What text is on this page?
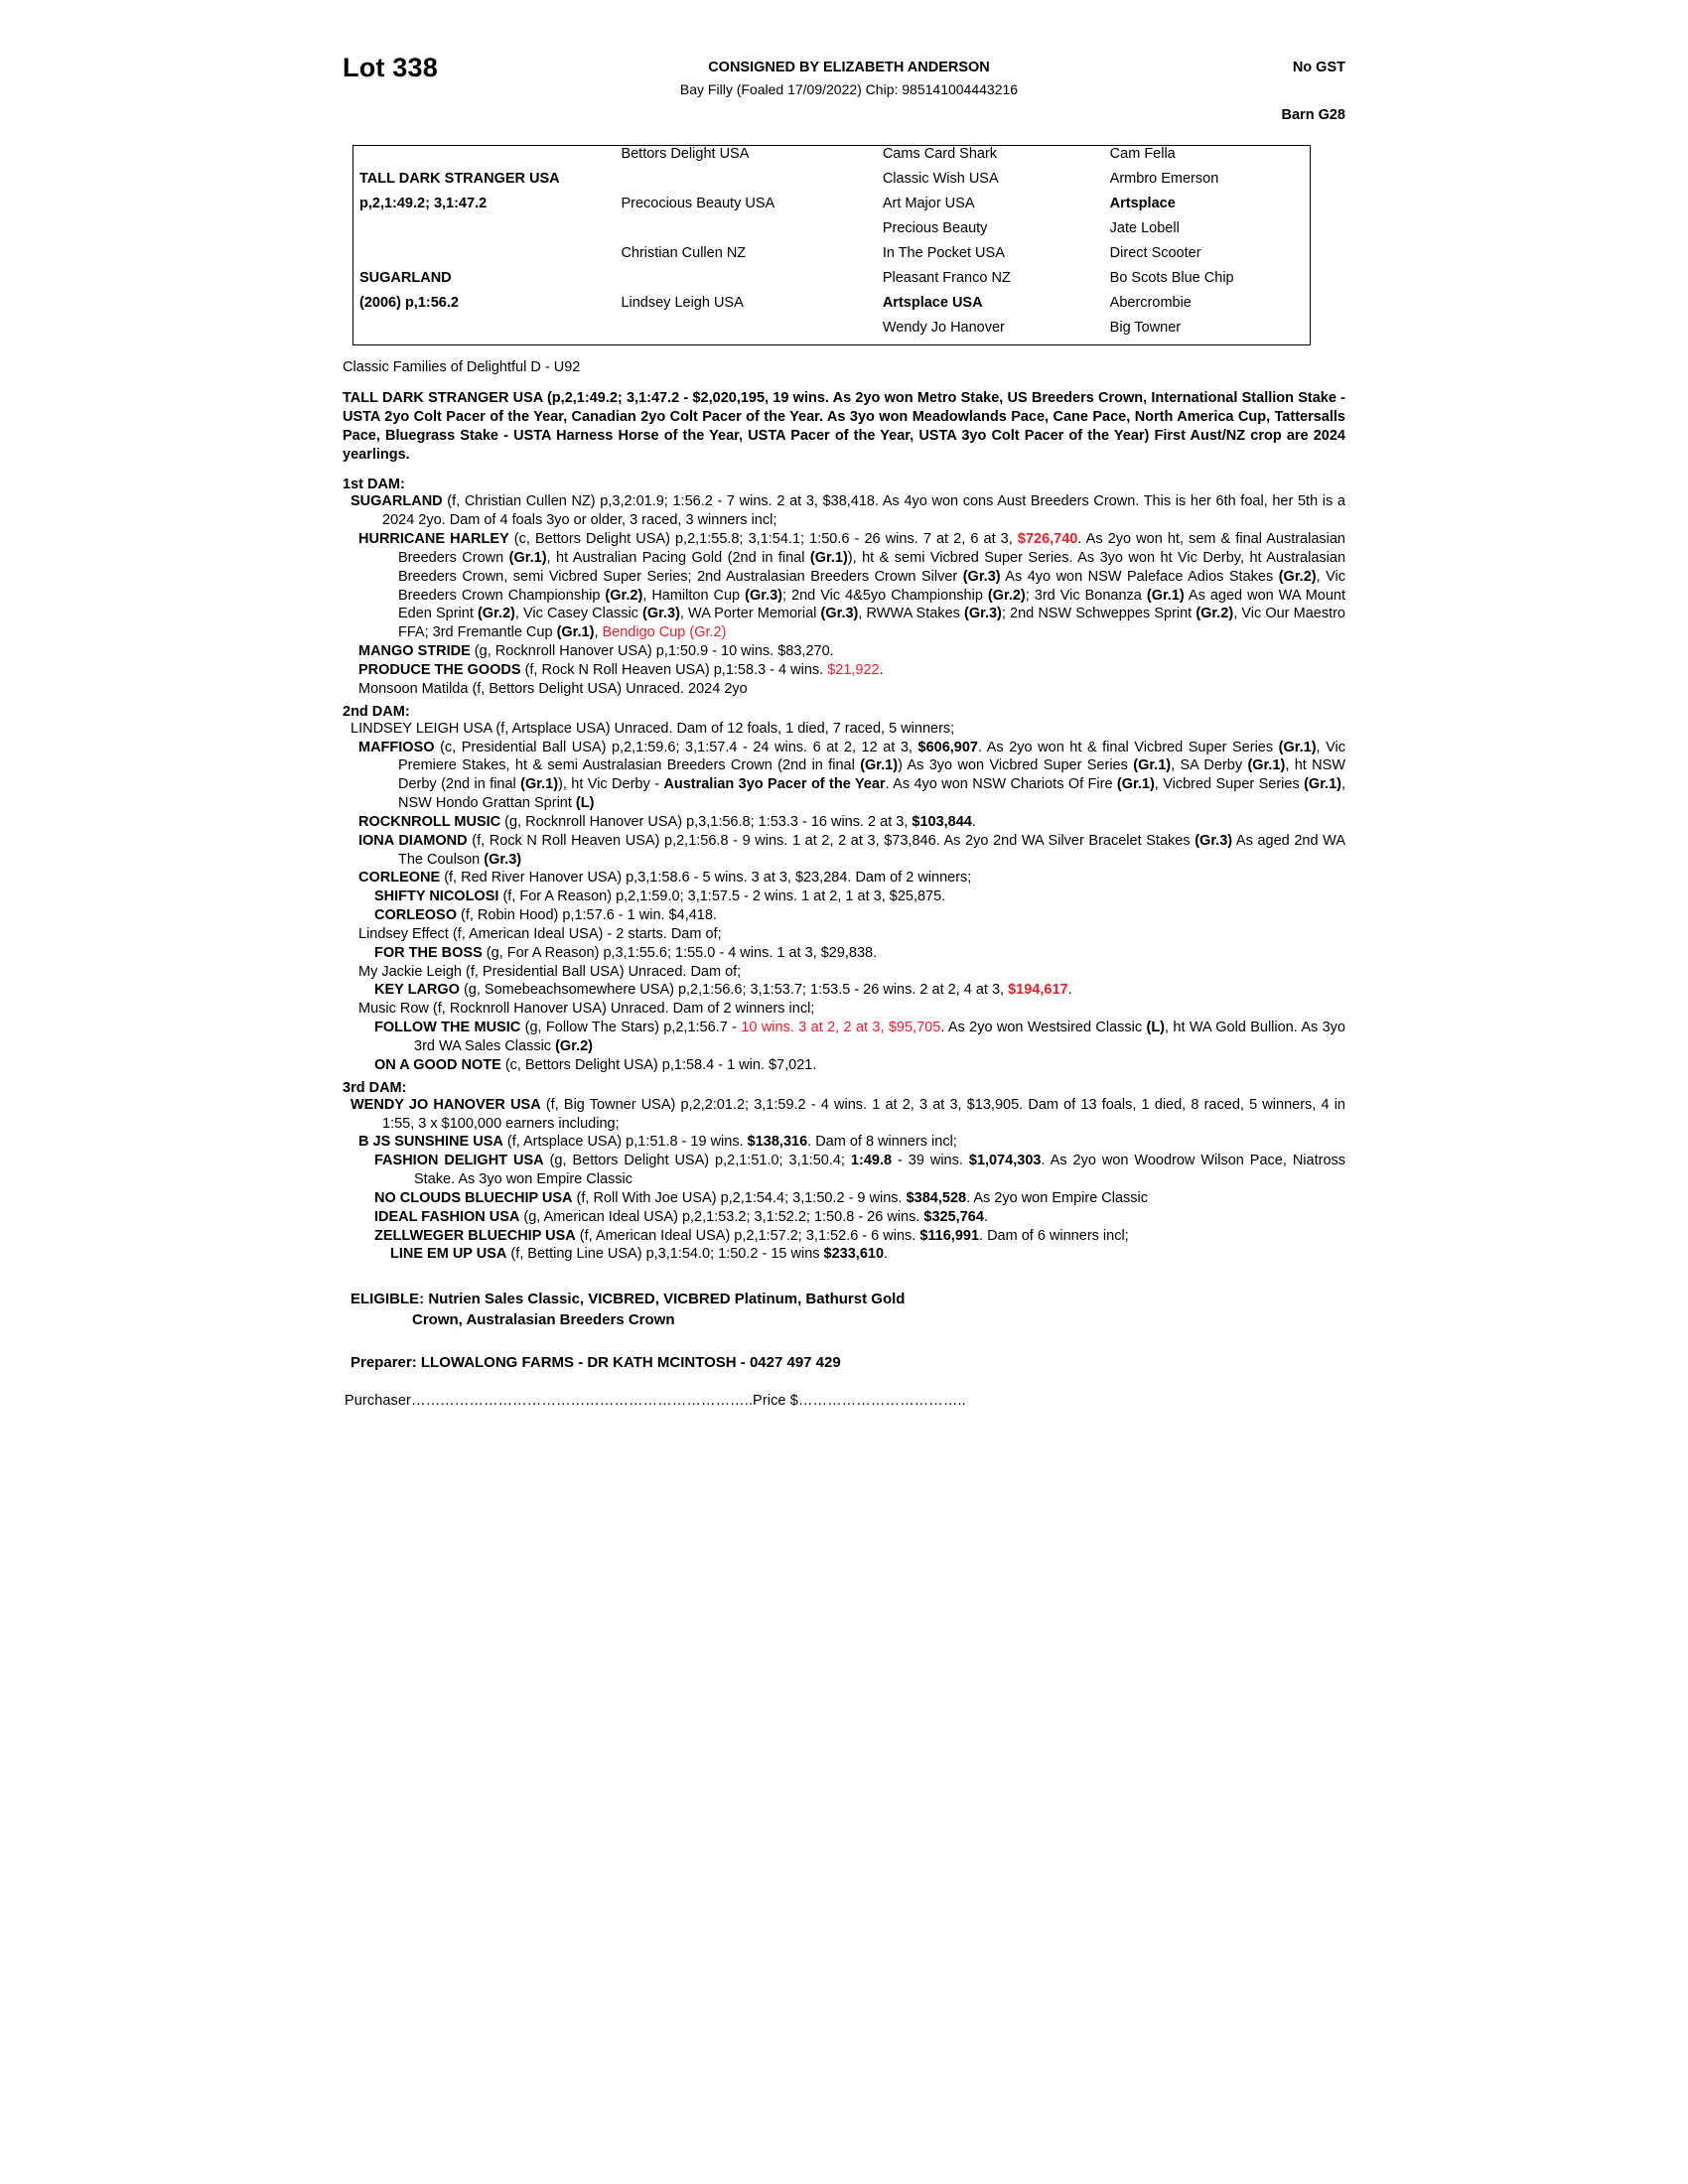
Lot 338	CONSIGNED BY ELIZABETH ANDERSON
Bay Filly (Foaled 17/09/2022) Chip: 985141004443216
No GST
Barn G28
	Bettors Delight USA	Cams Card Shark	Cam Fella
TALL DARK STRANGER USA		Classic Wish USA	Armbro Emerson
p,2,1:49.2; 3,1:47.2	Precocious Beauty USA	Art Major USA	Artsplace
		Precious Beauty	Jate Lobell
	Christian Cullen NZ	In The Pocket USA	Direct Scooter
SUGARLAND		Pleasant Franco NZ	Bo Scots Blue Chip
(2006) p,1:56.2	Lindsey Leigh USA	Artsplace USA	Abercrombie
		Wendy Jo Hanover	Big Towner
Classic Families of Delightful D - U92
TALL DARK STRANGER USA (p,2,1:49.2; 3,1:47.2 - $2,020,195, 19 wins. As 2yo won Metro Stake, US Breeders Crown, International Stallion Stake - USTA 2yo Colt Pacer of the Year, Canadian 2yo Colt Pacer of the Year. As 3yo won Meadowlands Pace, Cane Pace, North America Cup, Tattersalls Pace, Bluegrass Stake - USTA Harness Horse of the Year, USTA Pacer of the Year, USTA 3yo Colt Pacer of the Year) First Aust/NZ crop are 2024 yearlings.
1st DAM:

SUGARLAND (f, Christian Cullen NZ) p,3,2:01.9; 1:56.2 - 7 wins. 2 at 3, $38,418. As 4yo won cons Aust Breeders Crown. This is her 6th foal, her 5th is a 2024 2yo. Dam of 4 foals 3yo or older, 3 raced, 3 winners incl;

HURRICANE HARLEY (c, Bettors Delight USA) p,2,1:55.8; 3,1:54.1; 1:50.6 - 26 wins. 7 at 2, 6 at 3, $726,740. As 2yo won ht, sem & final Australasian Breeders Crown (Gr.1), ht Australian Pacing Gold (2nd in final (Gr.1)), ht & semi Vicbred Super Series. As 3yo won ht Vic Derby, ht Australasian Breeders Crown, semi Vicbred Super Series; 2nd Australasian Breeders Crown Silver (Gr.3) As 4yo won NSW Paleface Adios Stakes (Gr.2), Vic Breeders Crown Championship (Gr.2), Hamilton Cup (Gr.3); 2nd Vic 4&5yo Championship (Gr.2); 3rd Vic Bonanza (Gr.1) As aged won WA Mount Eden Sprint (Gr.2), Vic Casey Classic (Gr.3), WA Porter Memorial (Gr.3), RWWA Stakes (Gr.3); 2nd NSW Schweppes Sprint (Gr.2), Vic Our Maestro FFA; 3rd Fremantle Cup (Gr.1), Bendigo Cup (Gr.2)

MANGO STRIDE (g, Rocknroll Hanover USA) p,1:50.9 - 10 wins. $83,270.

PRODUCE THE GOODS (f, Rock N Roll Heaven USA) p,1:58.3 - 4 wins. $21,922.

Monsoon Matilda (f, Bettors Delight USA) Unraced. 2024 2yo

2nd DAM:

LINDSEY LEIGH USA (f, Artsplace USA) Unraced. Dam of 12 foals, 1 died, 7 raced, 5 winners;

MAFFIOSO (c, Presidential Ball USA) p,2,1:59.6; 3,1:57.4 - 24 wins. 6 at 2, 12 at 3, $606,907. As 2yo won ht & final Vicbred Super Series (Gr.1), Vic Premiere Stakes, ht & semi Australasian Breeders Crown (2nd in final (Gr.1)) As 3yo won Vicbred Super Series (Gr.1), SA Derby (Gr.1), ht NSW Derby (2nd in final (Gr.1)), ht Vic Derby - Australian 3yo Pacer of the Year. As 4yo won NSW Chariots Of Fire (Gr.1), Vicbred Super Series (Gr.1), NSW Hondo Grattan Sprint (L)

ROCKNROLL MUSIC (g, Rocknroll Hanover USA) p,3,1:56.8; 1:53.3 - 16 wins. 2 at 3, $103,844.

IONA DIAMOND (f, Rock N Roll Heaven USA) p,2,1:56.8 - 9 wins. 1 at 2, 2 at 3, $73,846. As 2yo 2nd WA Silver Bracelet Stakes (Gr.3) As aged 2nd WA The Coulson (Gr.3)

CORLEONE (f, Red River Hanover USA) p,3,1:58.6 - 5 wins. 3 at 3, $23,284. Dam of 2 winners;

SHIFTY NICOLOSI (f, For A Reason) p,2,1:59.0; 3,1:57.5 - 2 wins. 1 at 2, 1 at 3, $25,875.

CORLEOSO (f, Robin Hood) p,1:57.6 - 1 win. $4,418.

Lindsey Effect (f, American Ideal USA) - 2 starts. Dam of;

FOR THE BOSS (g, For A Reason) p,3,1:55.6; 1:55.0 - 4 wins. 1 at 3, $29,838.

My Jackie Leigh (f, Presidential Ball USA) Unraced. Dam of;

KEY LARGO (g, Somebeachsomewhere USA) p,2,1:56.6; 3,1:53.7; 1:53.5 - 26 wins. 2 at 2, 4 at 3, $194,617.

Music Row (f, Rocknroll Hanover USA) Unraced. Dam of 2 winners incl;

FOLLOW THE MUSIC (g, Follow The Stars) p,2,1:56.7 - 10 wins. 3 at 2, 2 at 3, $95,705. As 2yo won Westsired Classic (L), ht WA Gold Bullion. As 3yo 3rd WA Sales Classic (Gr.2)

ON A GOOD NOTE (c, Bettors Delight USA) p,1:58.4 - 1 win. $7,021.

3rd DAM:

WENDY JO HANOVER USA (f, Big Towner USA) p,2,2:01.2; 3,1:59.2 - 4 wins. 1 at 2, 3 at 3, $13,905. Dam of 13 foals, 1 died, 8 raced, 5 winners, 4 in 1:55, 3 x $100,000 earners including;

B JS SUNSHINE USA (f, Artsplace USA) p,1:51.8 - 19 wins. $138,316. Dam of 8 winners incl;

FASHION DELIGHT USA (g, Bettors Delight USA) p,2,1:51.0; 3,1:50.4; 1:49.8 - 39 wins. $1,074,303. As 2yo won Woodrow Wilson Pace, Niatross Stake. As 3yo won Empire Classic

NO CLOUDS BLUECHIP USA (f, Roll With Joe USA) p,2,1:54.4; 3,1:50.2 - 9 wins. $384,528. As 2yo won Empire Classic

IDEAL FASHION USA (g, American Ideal USA) p,2,1:53.2; 3,1:52.2; 1:50.8 - 26 wins. $325,764.

ZELLWEGER BLUECHIP USA (f, American Ideal USA) p,2,1:57.2; 3,1:52.6 - 6 wins. $116,991. Dam of 6 winners incl;

LINE EM UP USA (f, Betting Line USA) p,3,1:54.0; 1:50.2 - 15 wins $233,610.

ELIGIBLE: Nutrien Sales Classic, VICBRED, VICBRED Platinum, Bathurst Gold
Crown, Australasian Breeders Crown
Preparer: LLOWALONG FARMS - DR KATH MCINTOSH - 0427 497 429
Purchaser……………………………………………………………..Price $……………………………..
